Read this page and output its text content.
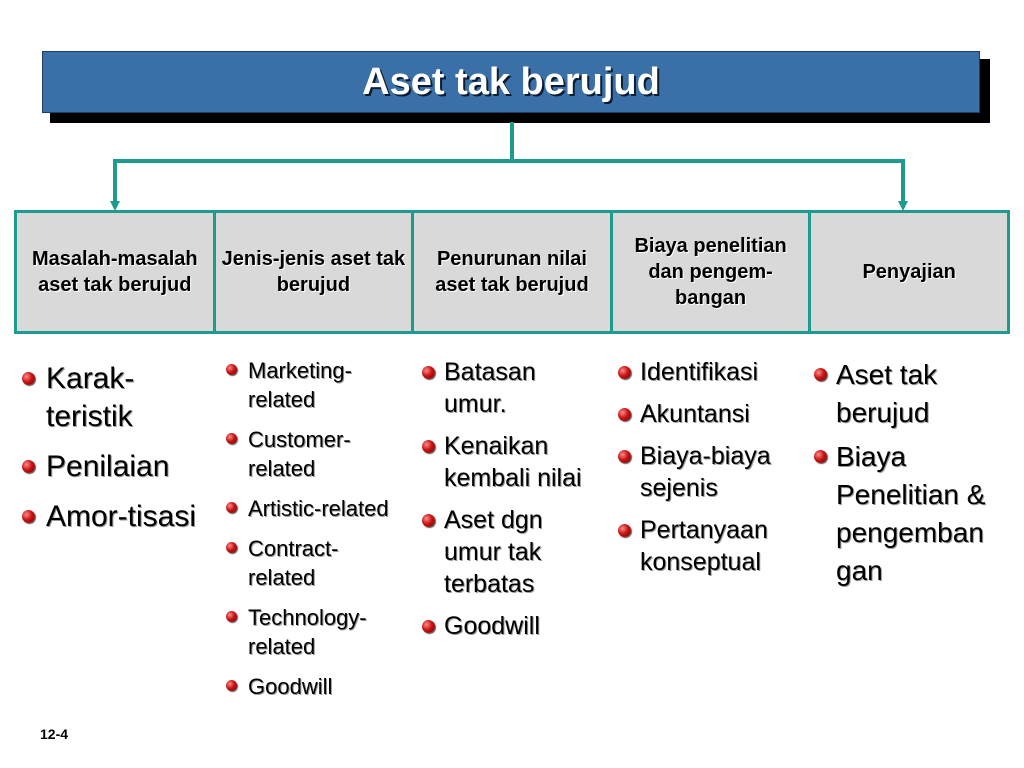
Aset tak berujud
Masalah-masalah aset tak berujud
Jenis-jenis aset tak berujud
Penurunan nilai aset tak berujud
Biaya penelitian dan pengem-bangan
Penyajian
Karak-teristik
Penilaian
Amor-tisasi
Marketing-related
Customer-related
Artistic-related
Contract-related
Technology-related
Goodwill
Batasan umur.
Kenaikan kembali nilai
Aset dgn umur tak terbatas
Goodwill
Identifikasi
Akuntansi
Biaya-biaya sejenis
Pertanyaan konseptual
Aset tak berujud
Biaya Penelitian & pengemban gan
12-4
